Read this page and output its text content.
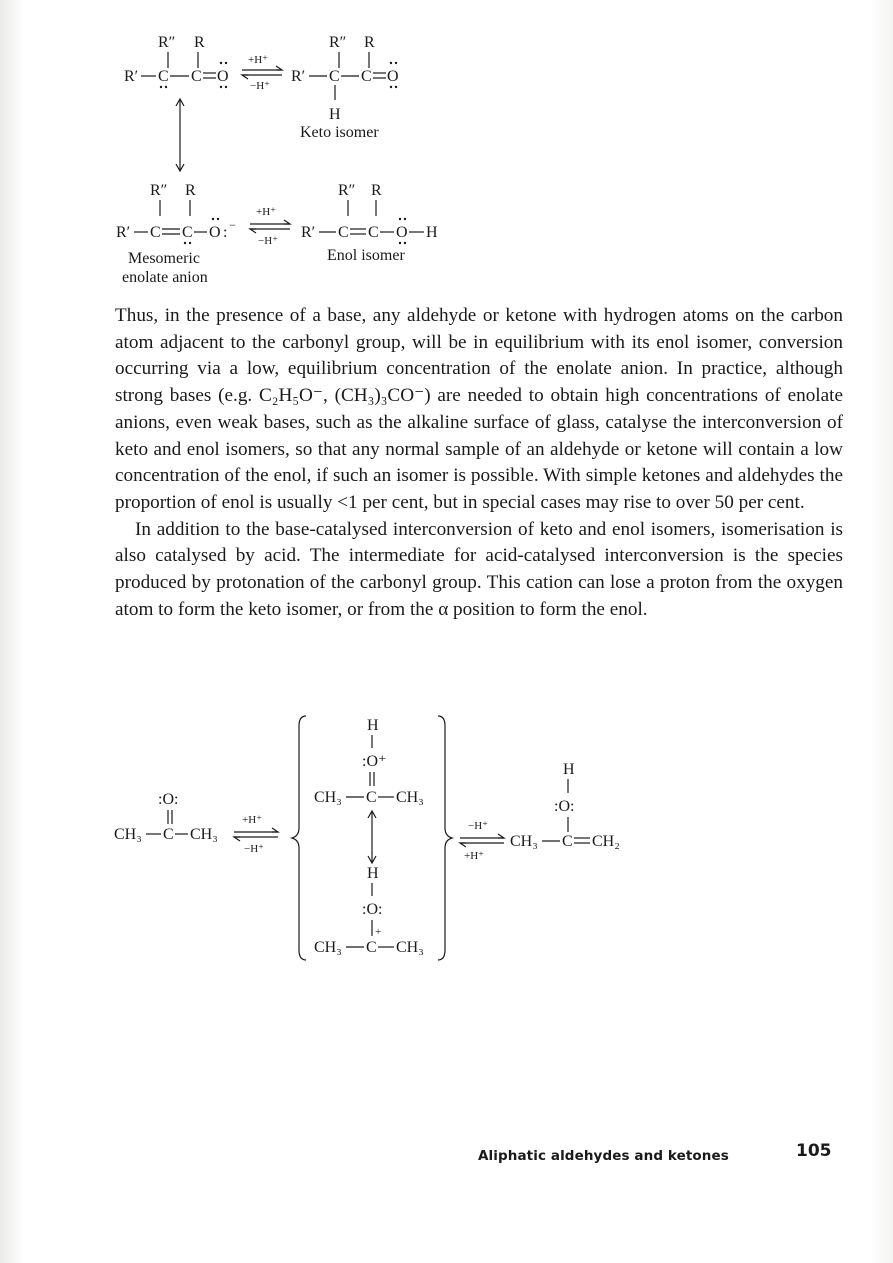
R″ R
R′ C C O
+H⁺
−H⁺
R″ R
R′ C C O
H
Keto isomer
R″ R
R′ C C O : −
Mesomeric
enolate anion
+H⁺
−H⁺
R″ R
R′ C C O H
Enol isomer

Thus, in the presence of a base, any aldehyde or ketone with hydrogen atoms on the carbon atom adjacent to the carbonyl group, will be in equilibrium with its enol isomer, conversion occurring via a low, equilibrium concentration of the enolate anion. In practice, although strong bases (e.g. C₂H₅O⁻, (CH₃)₃CO⁻) are needed to obtain high concentrations of enolate anions, even weak bases, such as the alkaline surface of glass, catalyse the interconversion of keto and enol isomers, so that any normal sample of an aldehyde or ketone will contain a low concentration of the enol, if such an isomer is possible. With simple ketones and aldehydes the proportion of enol is usually <1 per cent, but in special cases may rise to over 50 per cent.

In addition to the base-catalysed interconversion of keto and enol isomers, isomerisation is also catalysed by acid. The intermediate for acid-catalysed interconversion is the species produced by protonation of the carbonyl group. This cation can lose a proton from the oxygen atom to form the keto isomer, or from the α position to form the enol.

:O:
CH₃ C CH₃
+H⁺
−H⁺
H
:O⁺
CH₃ C CH₃
H
:O:
+
CH₃ C CH₃
−H⁺
+H⁺
H
:O:
CH₃ C CH₂
Aliphatic aldehydes and ketones	105
